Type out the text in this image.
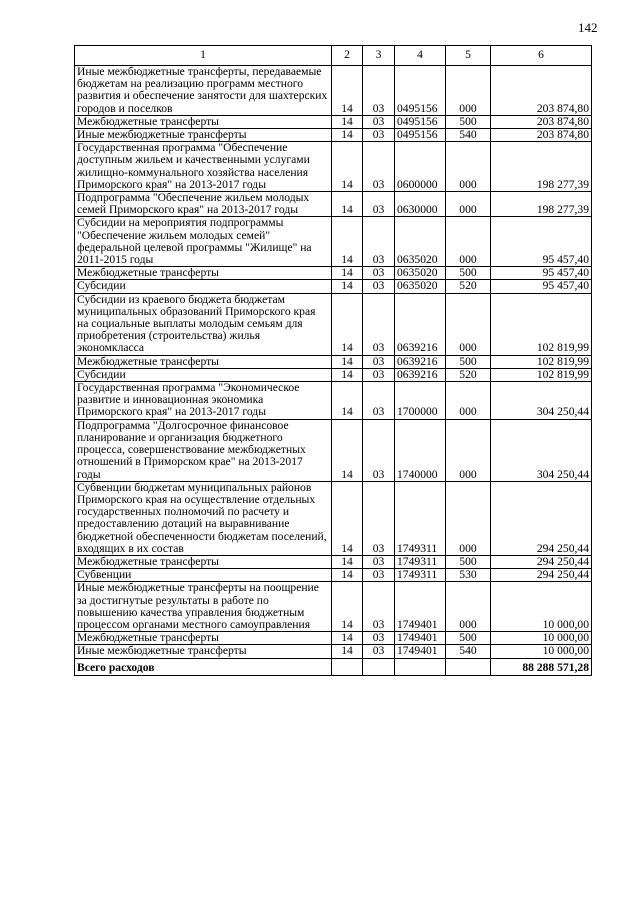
142
1	2	3	4	5	6
Иные межбюджетные трансферты, передаваемые бюджетам на реализацию программ местного развития и обеспечение занятости для шахтерских городов и поселков	14	03	0495156	000	203 874,80
Межбюджетные трансферты	14	03	0495156	500	203 874,80
Иные межбюджетные трансферты	14	03	0495156	540	203 874,80
Государственная программа "Обеспечение доступным жильем и качественными услугами жилищно-коммунального хозяйства населения Приморского края" на 2013-2017 годы	14	03	0600000	000	198 277,39
Подпрограмма "Обеспечение жильем молодых семей Приморского края" на 2013-2017 годы	14	03	0630000	000	198 277,39
Субсидии на мероприятия подпрограммы "Обеспечение жильем молодых семей" федеральной целевой программы "Жилище" на 2011-2015 годы	14	03	0635020	000	95 457,40
Межбюджетные трансферты	14	03	0635020	500	95 457,40
Субсидии	14	03	0635020	520	95 457,40
Субсидии из краевого бюджета бюджетам муниципальных образований Приморского края на социальные выплаты молодым семьям для приобретения (строительства) жилья экономкласса	14	03	0639216	000	102 819,99
Межбюджетные трансферты	14	03	0639216	500	102 819,99
Субсидии	14	03	0639216	520	102 819,99
Государственная программа "Экономическое развитие и инновационная экономика Приморского края" на 2013-2017 годы	14	03	1700000	000	304 250,44
Подпрограмма "Долгосрочное финансовое планирование и организация бюджетного процесса, совершенствование межбюджетных отношений в Приморском крае" на 2013-2017 годы	14	03	1740000	000	304 250,44
Субвенции бюджетам муниципальных районов Приморского края на осуществление отдельных государственных полномочий по расчету и предоставлению дотаций на выравнивание бюджетной обеспеченности бюджетам поселений, входящих в их состав	14	03	1749311	000	294 250,44
Межбюджетные трансферты	14	03	1749311	500	294 250,44
Субвенции	14	03	1749311	530	294 250,44
Иные межбюджетные трансферты на поощрение за достигнутые результаты в работе по повышению качества управления бюджетным процессом органами местного самоуправления	14	03	1749401	000	10 000,00
Межбюджетные трансферты	14	03	1749401	500	10 000,00
Иные межбюджетные трансферты	14	03	1749401	540	10 000,00
Всего расходов					88 288 571,28
